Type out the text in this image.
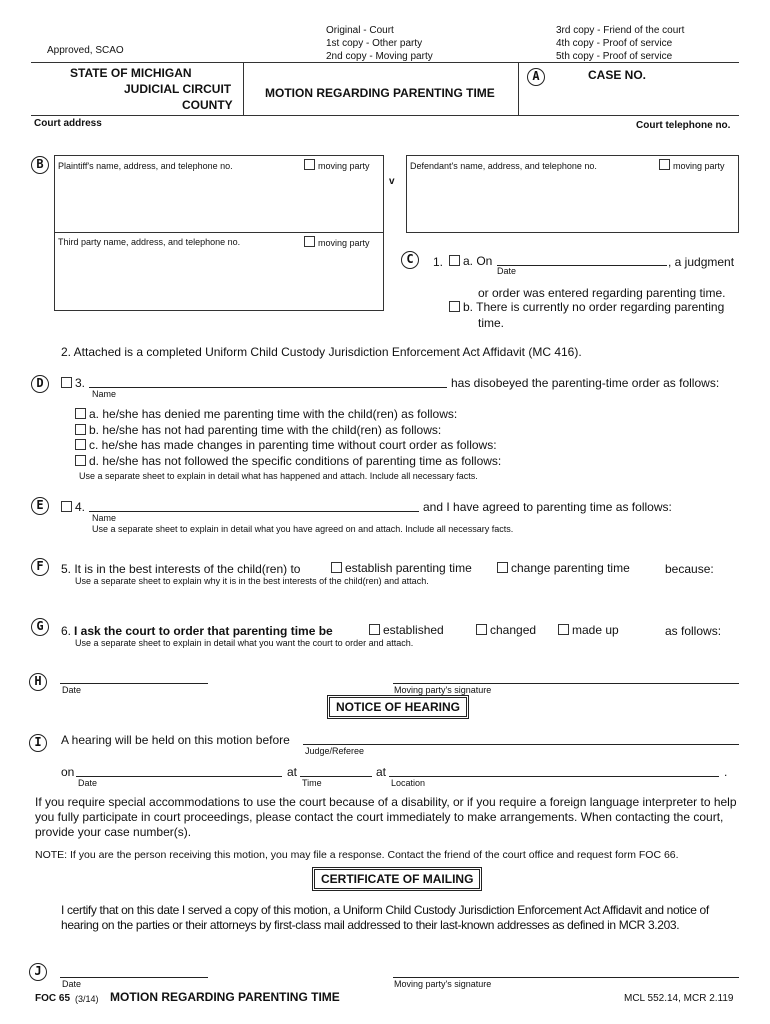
Approved, SCAO
Original - Court
1st copy - Other party
2nd copy - Moving party
3rd copy - Friend of the court
4th copy - Proof of service
5th copy - Proof of service
STATE OF MICHIGAN
JUDICIAL CIRCUIT
COUNTY
MOTION REGARDING PARENTING TIME
A	CASE NO.
Court address	Court telephone no.
B	Plaintiff's name, address, and telephone no.	moving party
Third party name, address, and telephone no.	moving party
v
Defendant's name, address, and telephone no.	moving party
C	1.	a. On
Date
, a judgment
or order was entered regarding parenting time.
b. There is currently no order regarding parenting
time.
2. Attached is a completed Uniform Child Custody Jurisdiction Enforcement Act Affidavit (MC 416).
D	3.
Name
has disobeyed the parenting-time order as follows:
a. he/she has denied me parenting time with the child(ren) as follows:
b. he/she has not had parenting time with the child(ren) as follows:
c. he/she has made changes in parenting time without court order as follows:
d. he/she has not followed the specific conditions of parenting time as follows:
Use a separate sheet to explain in detail what has happened and attach. Include all necessary facts.
E	4.
Name
and I have agreed to parenting time as follows:
Use a separate sheet to explain in detail what you have agreed on and attach. Include all necessary facts.
F	5. It is in the best interests of the child(ren) to	establish parenting time	change parenting time	because:
Use a separate sheet to explain why it is in the best interests of the child(ren) and attach.
G	6. I ask the court to order that parenting time be	established	changed	made up	as follows:
Use a separate sheet to explain in detail what you want the court to order and attach.
H
Date	Moving party's signature
NOTICE OF HEARING
I	A hearing will be held on this motion before
Judge/Referee
on
Date
at
Time
at
Location
.
If you require special accommodations to use the court because of a disability, or if you require a foreign language interpreter to help you fully participate in court proceedings, please contact the court immediately to make arrangements. When contacting the court, provide your case number(s).
NOTE: If you are the person receiving this motion, you may file a response. Contact the friend of the court office and request form FOC 66.
CERTIFICATE OF MAILING
I certify that on this date I served a copy of this motion, a Uniform Child Custody Jurisdiction Enforcement Act Affidavit and notice of hearing on the parties or their attorneys by first-class mail addressed to their last-known addresses as defined in MCR 3.203.
J
Date	Moving party's signature
FOC 65 (3/14) MOTION REGARDING PARENTING TIME	MCL 552.14, MCR 2.119
